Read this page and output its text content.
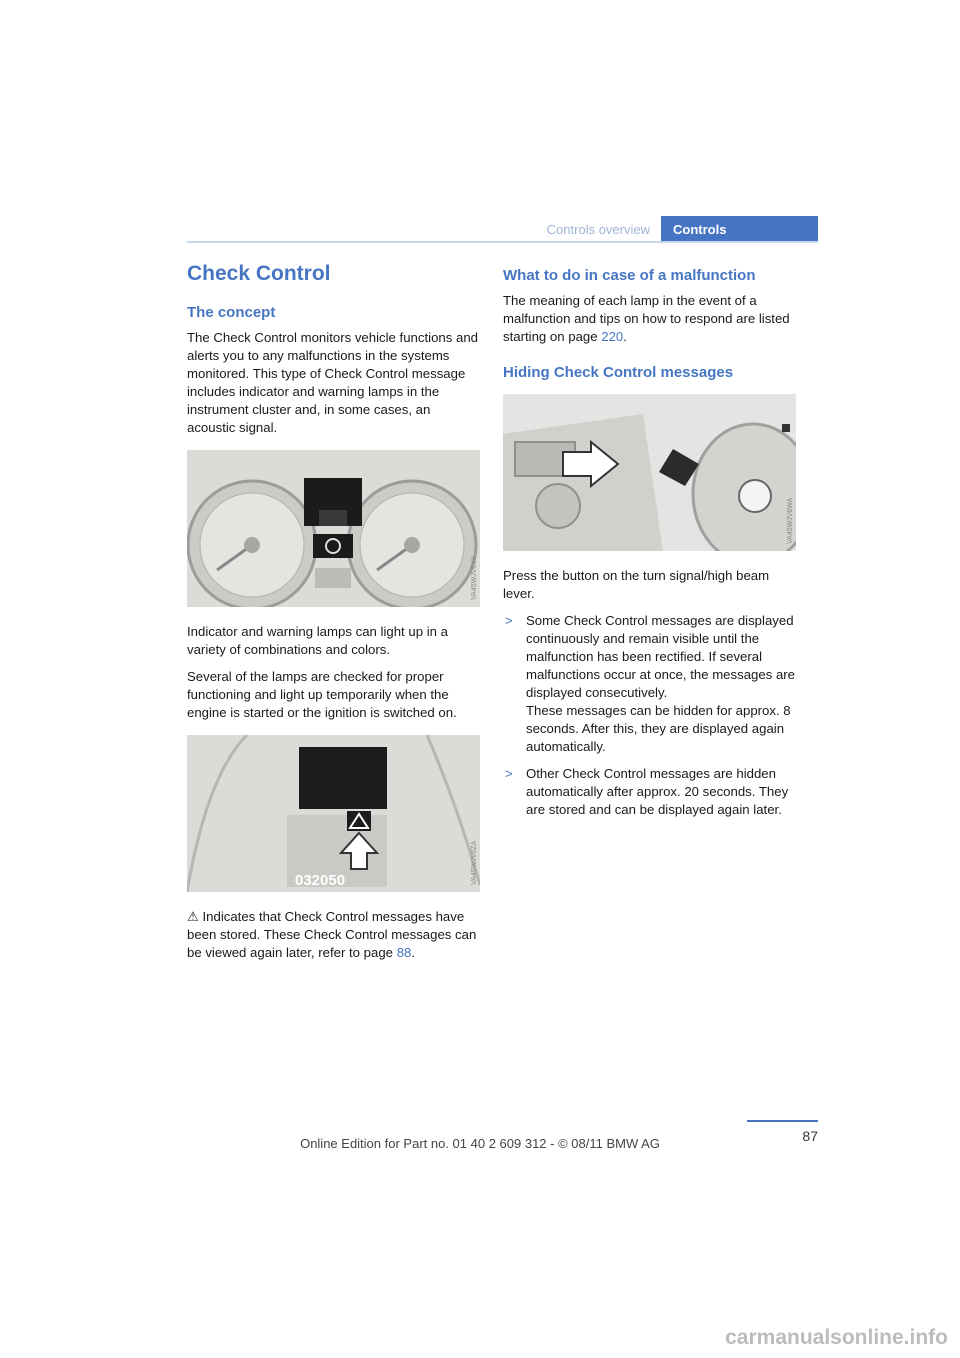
Controls overview	Controls
Check Control
The concept

The Check Control monitors vehicle functions and alerts you to any malfunctions in the systems monitored. This type of Check Control message includes indicator and warning lamps in the instrument cluster and, in some cases, an acoustic signal.

VA45WJV6YA

Indicator and warning lamps can light up in a variety of combinations and colors.

Several of the lamps are checked for proper functioning and light up temporarily when the engine is started or the ignition is switched on.

032050	VA45WJV6ZA

⚠ Indicates that Check Control messages have been stored. These Check Control messages can be viewed again later, refer to page 88.

What to do in case of a malfunction

The meaning of each lamp in the event of a malfunction and tips on how to respond are listed starting on page 220.

Hiding Check Control messages
VA45WJV6WA

Press the button on the turn signal/high beam lever.

> Some Check Control messages are displayed continuously and remain visible until the malfunction has been rectified. If several malfunctions occur at once, the messages are displayed consecutively.
These messages can be hidden for approx. 8 seconds. After this, they are displayed again automatically.
> Other Check Control messages are hidden automatically after approx. 20 seconds. They are stored and can be displayed again later.
87
Online Edition for Part no. 01 40 2 609 312 - © 08/11 BMW AG
carmanualsonline.info
